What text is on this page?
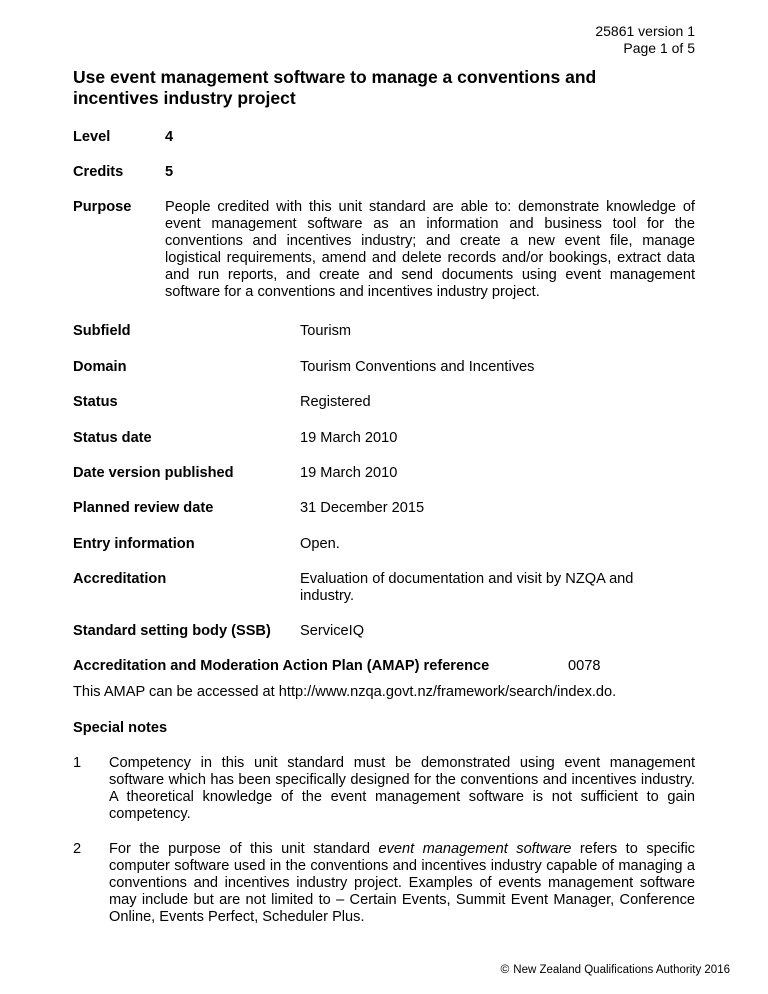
25861 version 1
Page 1 of 5
Use event management software to manage a conventions and incentives industry project
Level	4
Credits	5
Purpose People credited with this unit standard are able to: demonstrate knowledge of event management software as an information and business tool for the conventions and incentives industry; and create a new event file, manage logistical requirements, amend and delete records and/or bookings, extract data and run reports, and create and send documents using event management software for a conventions and incentives industry project.
Subfield	Tourism
Domain	Tourism Conventions and Incentives
Status	Registered
Status date	19 March 2010
Date version published	19 March 2010
Planned review date	31 December 2015
Entry information	Open.
Accreditation	Evaluation of documentation and visit by NZQA and industry.
Standard setting body (SSB) ServiceIQ
Accreditation and Moderation Action Plan (AMAP) reference	0078
This AMAP can be accessed at http://www.nzqa.govt.nz/framework/search/index.do.
Special notes
1 Competency in this unit standard must be demonstrated using event management software which has been specifically designed for the conventions and incentives industry. A theoretical knowledge of the event management software is not sufficient to gain competency.
2 For the purpose of this unit standard event management software refers to specific computer software used in the conventions and incentives industry capable of managing a conventions and incentives industry project. Examples of events management software may include but are not limited to – Certain Events, Summit Event Manager, Conference Online, Events Perfect, Scheduler Plus.
© New Zealand Qualifications Authority 2016
